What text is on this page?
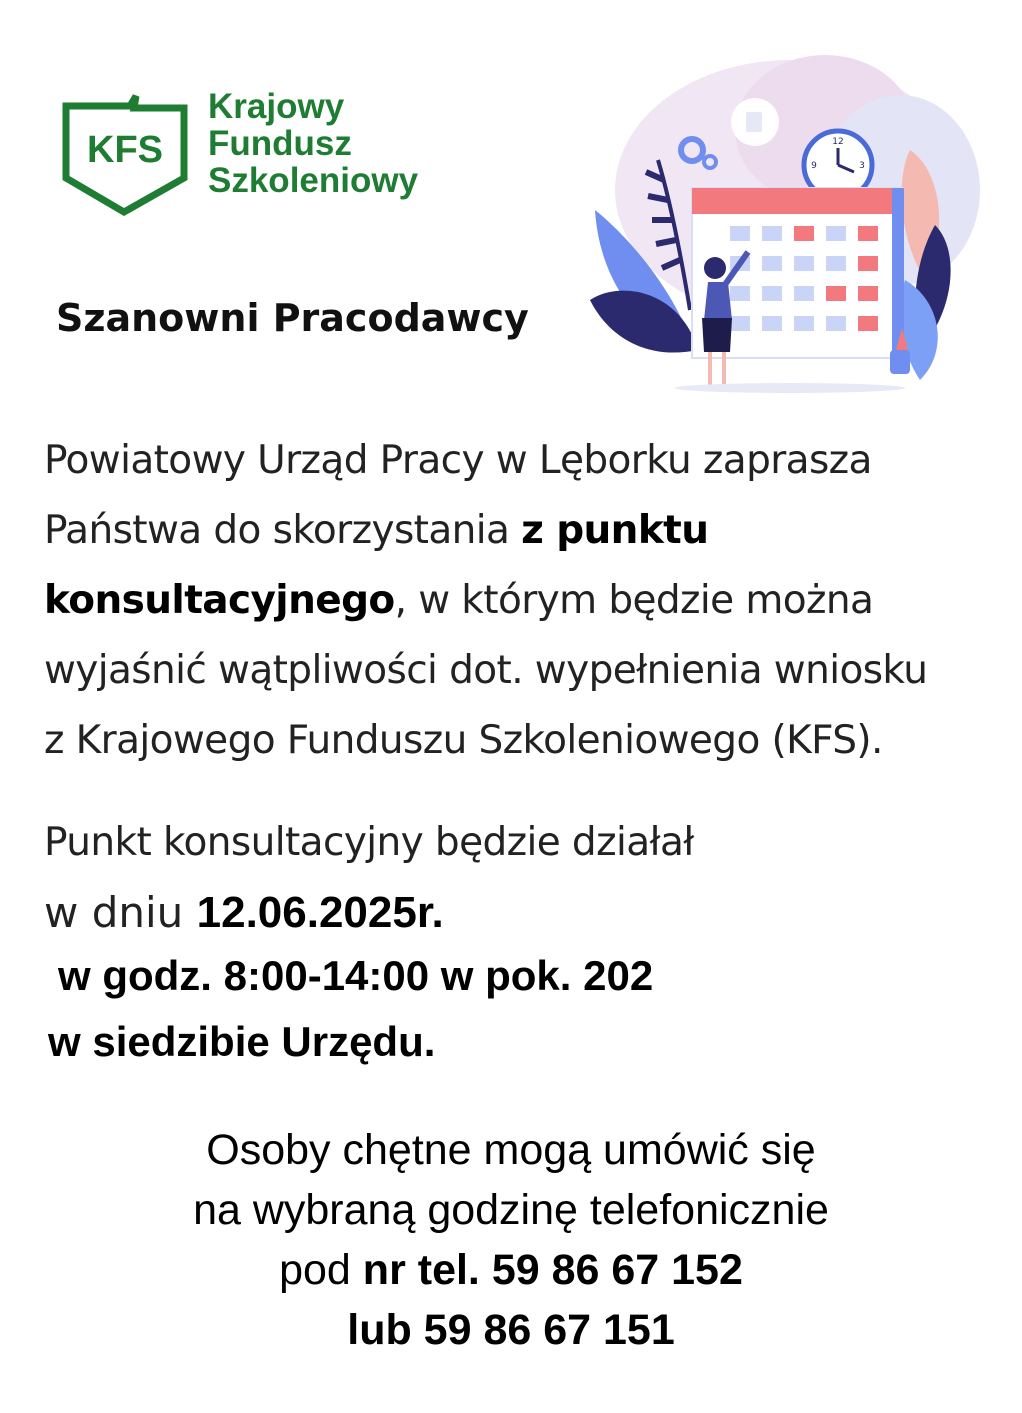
KFS
Krajowy
Fundusz
Szkoleniowy
Szanowni Pracodawcy
12
9	3
Powiatowy Urząd Pracy w Lęborku zaprasza
Państwa do skorzystania z punktu
konsultacyjnego, w którym będzie można
wyjaśnić wątpliwości dot. wypełnienia wniosku
z Krajowego Funduszu Szkoleniowego (KFS).
Punkt konsultacyjny będzie działał
w dniu 12.06.2025r.
w godz. 8:00-14:00 w pok. 202
w siedzibie Urzędu.
Osoby chętne mogą umówić się
na wybraną godzinę telefonicznie
pod nr tel. 59 86 67 152
lub 59 86 67 151
